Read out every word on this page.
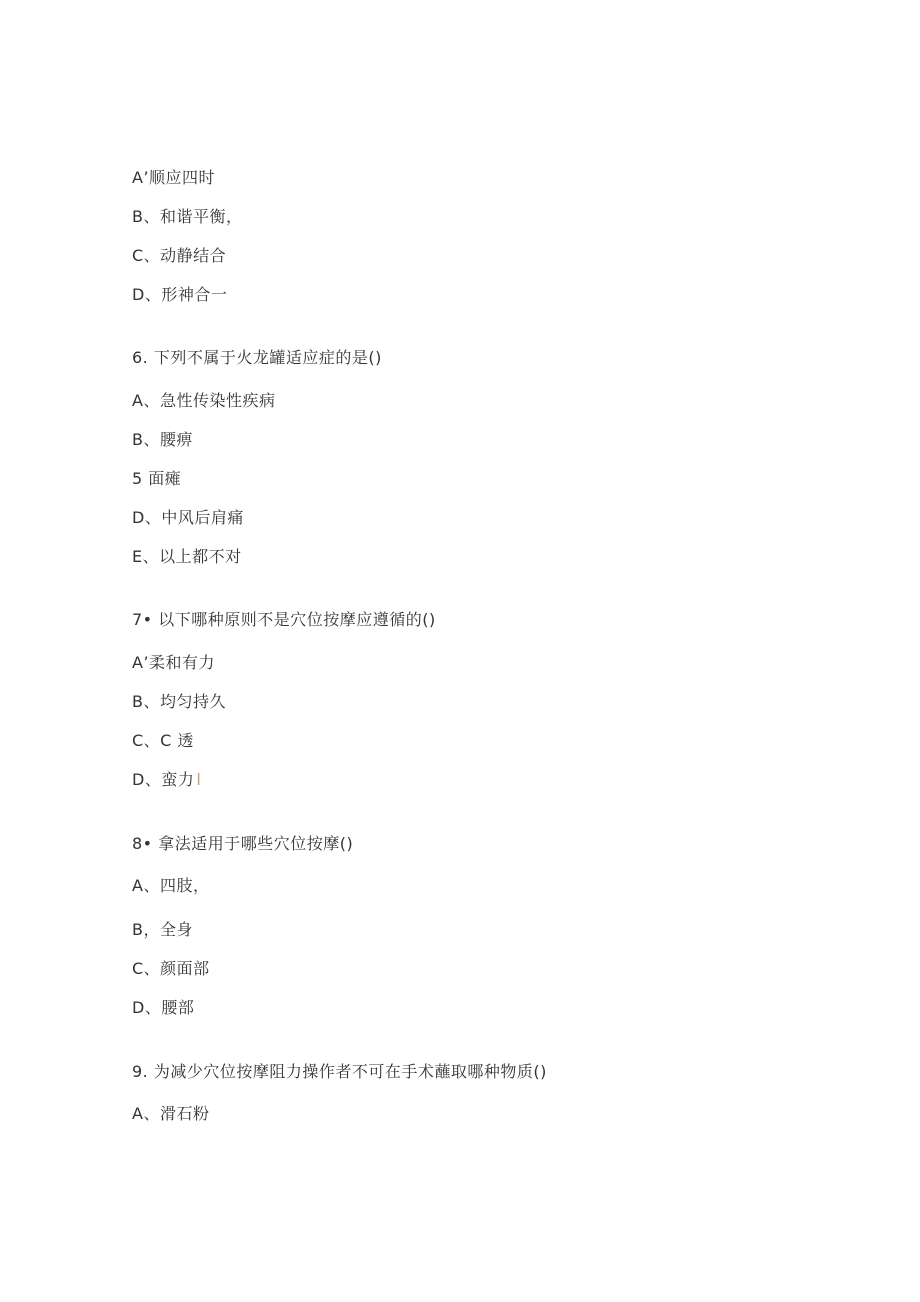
A’顺应四时
B、和谐平衡，
C、动静结合
D、形神合一
6. 下列不属于火龙罐适应症的是()
A、急性传染性疾病
B、腰痹
5 面瘫
D、中风后肩痛
E、以上都不对
7• 以下哪种原则不是穴位按摩应遵循的()
A’柔和有力
B、均匀持久
C、C 透
D、蛮力 l
8• 拿法适用于哪些穴位按摩()
A、四肢，
B，全身
C、颜面部
D、腰部
9. 为减少穴位按摩阻力操作者不可在手术蘸取哪种物质()
A、滑石粉
